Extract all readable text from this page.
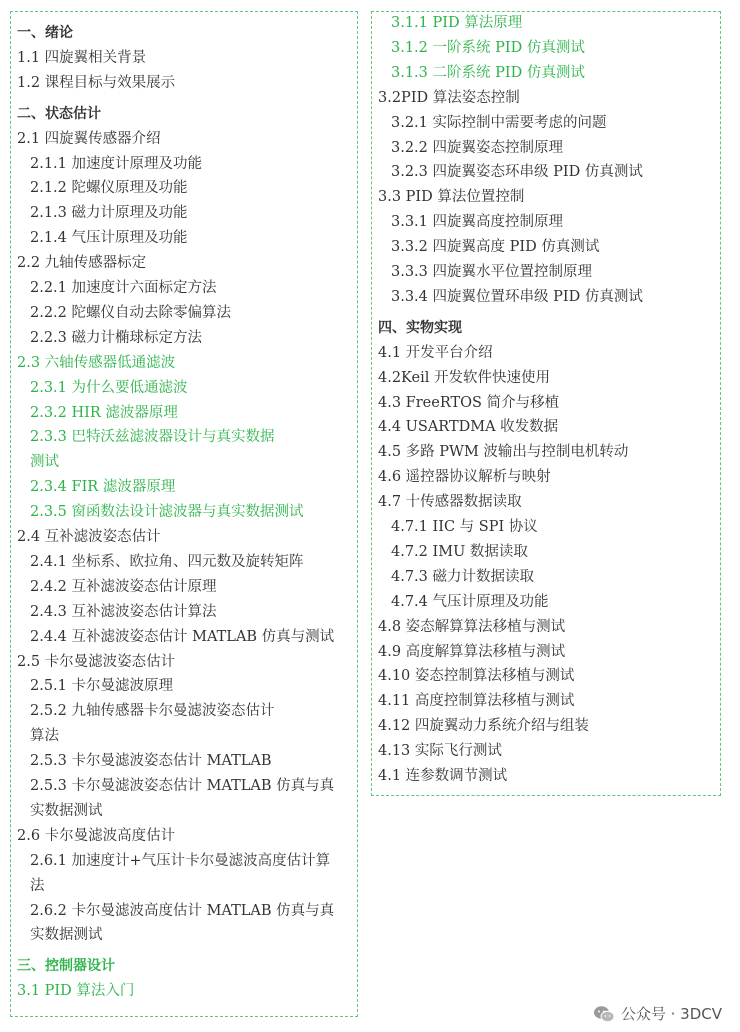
一、绪论
1.1 四旋翼相关背景
1.2 课程目标与效果展示
二、状态估计
2.1 四旋翼传感器介绍
2.1.1 加速度计原理及功能
2.1.2 陀螺仪原理及功能
2.1.3 磁力计原理及功能
2.1.4 气压计原理及功能
2.2 九轴传感器标定
2.2.1 加速度计六面标定方法
2.2.2 陀螺仪自动去除零偏算法
2.2.3 磁力计椭球标定方法
2.3 六轴传感器低通滤波
2.3.1 为什么要低通滤波
2.3.2 HIR 滤波器原理
2.3.3 巴特沃兹滤波器设计与真实数据
测试
2.3.4 FIR 滤波器原理
2.3.5 窗函数法设计滤波器与真实数据测试
2.4 互补滤波姿态估计
2.4.1 坐标系、欧拉角、四元数及旋转矩阵
2.4.2 互补滤波姿态估计原理
2.4.3 互补滤波姿态估计算法
2.4.4 互补滤波姿态估计 MATLAB 仿真与测试
2.5 卡尔曼滤波姿态估计
2.5.1 卡尔曼滤波原理
2.5.2 九轴传感器卡尔曼滤波姿态估计
算法
2.5.3 卡尔曼滤波姿态估计 MATLAB
2.5.3 卡尔曼滤波姿态估计 MATLAB 仿真与真
实数据测试
2.6 卡尔曼滤波高度估计
2.6.1 加速度计+气压计卡尔曼滤波高度估计算
法
2.6.2 卡尔曼滤波高度估计 MATLAB 仿真与真
实数据测试
三、控制器设计
3.1 PID 算法入门
3.1.1 PID 算法原理
3.1.2 一阶系统 PID 仿真测试
3.1.3 二阶系统 PID 仿真测试
3.2PID 算法姿态控制
3.2.1 实际控制中需要考虑的问题
3.2.2 四旋翼姿态控制原理
3.2.3 四旋翼姿态环串级 PID 仿真测试
3.3 PID 算法位置控制
3.3.1 四旋翼高度控制原理
3.3.2 四旋翼高度 PID 仿真测试
3.3.3 四旋翼水平位置控制原理
3.3.4 四旋翼位置环串级 PID 仿真测试
四、实物实现
4.1 开发平台介绍
4.2Keil 开发软件快速使用
4.3 FreeRTOS 简介与移植
4.4 USARTDMA 收发数据
4.5 多路 PWM 波输出与控制电机转动
4.6 遥控器协议解析与映射
4.7 十传感器数据读取
4.7.1 IIC 与 SPI 协议
4.7.2 IMU 数据读取
4.7.3 磁力计数据读取
4.7.4 气压计原理及功能
4.8 姿态解算算法移植与测试
4.9 高度解算算法移植与测试
4.10 姿态控制算法移植与测试
4.11 高度控制算法移植与测试
4.12 四旋翼动力系统介绍与组装
4.13 实际飞行测试
4.1 连参数调节测试
公众号 · 3DCV
